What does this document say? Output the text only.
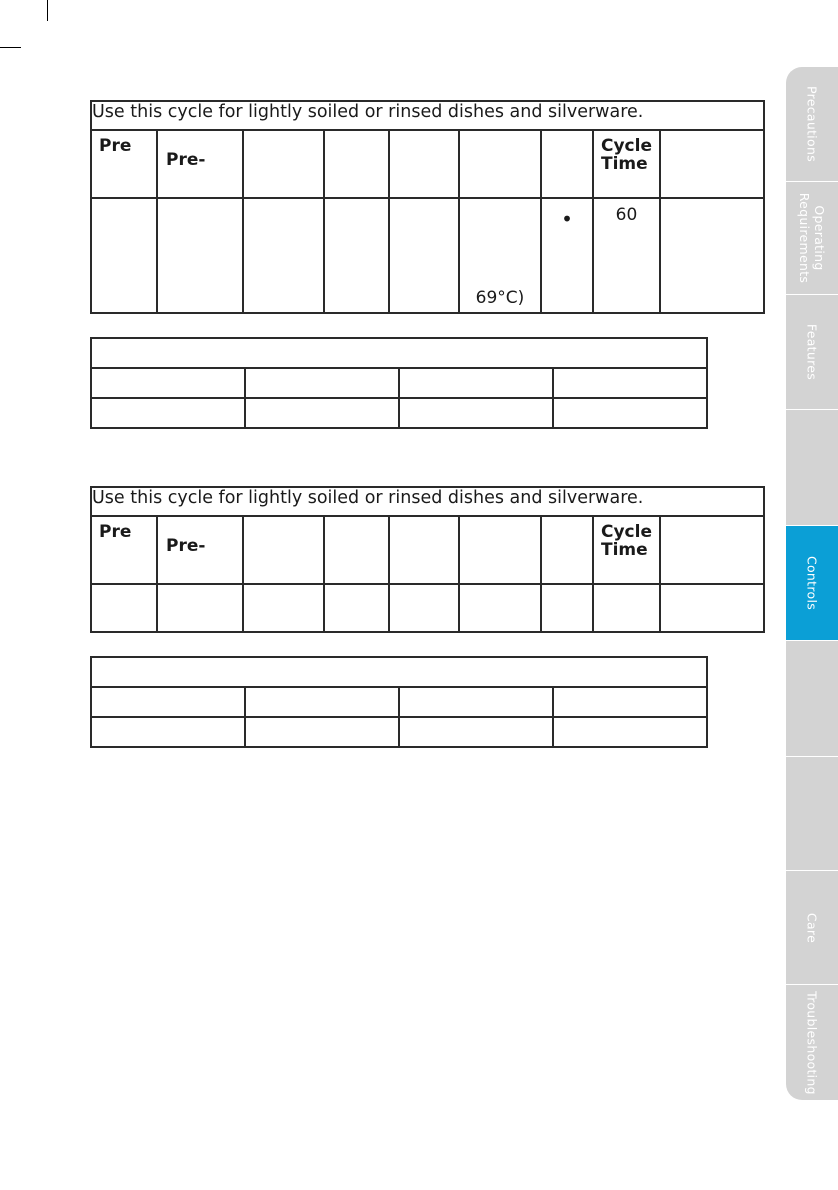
Use this cycle for lightly soiled or rinsed dishes and silverware.								

Pre	Pre-						Cycle
Time	

					69°C)	•	60	

Use this cycle for lightly soiled or rinsed dishes and silverware.								

Pre	Pre-						Cycle
Time	

Precautions
Operating
Requirements
Features
Controls
Care
Troubleshooting
